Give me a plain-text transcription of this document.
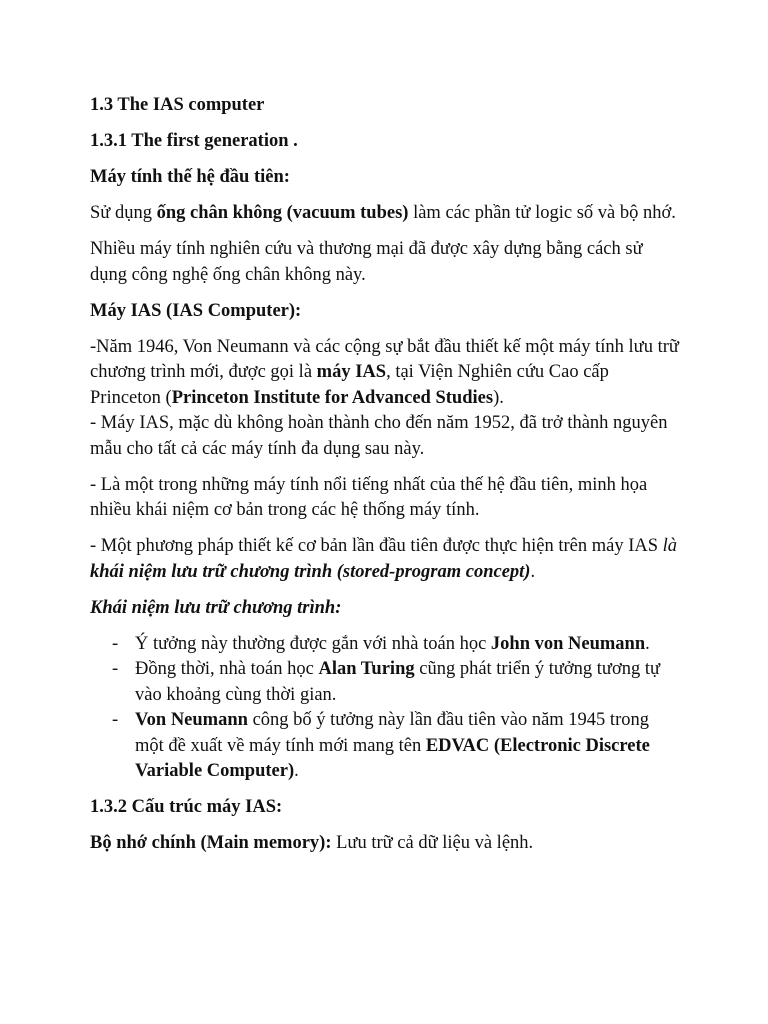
1.3 The IAS computer

1.3.1 The first generation .

Máy tính thế hệ đầu tiên:

Sử dụng ống chân không (vacuum tubes) làm các phần tử logic số và bộ nhớ.

Nhiều máy tính nghiên cứu và thương mại đã được xây dựng bằng cách sử dụng công nghệ ống chân không này.

Máy IAS (IAS Computer):

-Năm 1946, Von Neumann và các cộng sự bắt đầu thiết kế một máy tính lưu trữ chương trình mới, được gọi là máy IAS, tại Viện Nghiên cứu Cao cấp Princeton (Princeton Institute for Advanced Studies).
- Máy IAS, mặc dù không hoàn thành cho đến năm 1952, đã trở thành nguyên mẫu cho tất cả các máy tính đa dụng sau này.

- Là một trong những máy tính nổi tiếng nhất của thế hệ đầu tiên, minh họa nhiều khái niệm cơ bản trong các hệ thống máy tính.

- Một phương pháp thiết kế cơ bản lần đầu tiên được thực hiện trên máy IAS là khái niệm lưu trữ chương trình (stored-program concept).

Khái niệm lưu trữ chương trình:

- Ý tưởng này thường được gắn với nhà toán học John von Neumann.
- Đồng thời, nhà toán học Alan Turing cũng phát triển ý tưởng tương tự vào khoảng cùng thời gian.
- Von Neumann công bố ý tưởng này lần đầu tiên vào năm 1945 trong một đề xuất về máy tính mới mang tên EDVAC (Electronic Discrete Variable Computer).

1.3.2 Cấu trúc máy IAS:

Bộ nhớ chính (Main memory): Lưu trữ cả dữ liệu và lệnh.
